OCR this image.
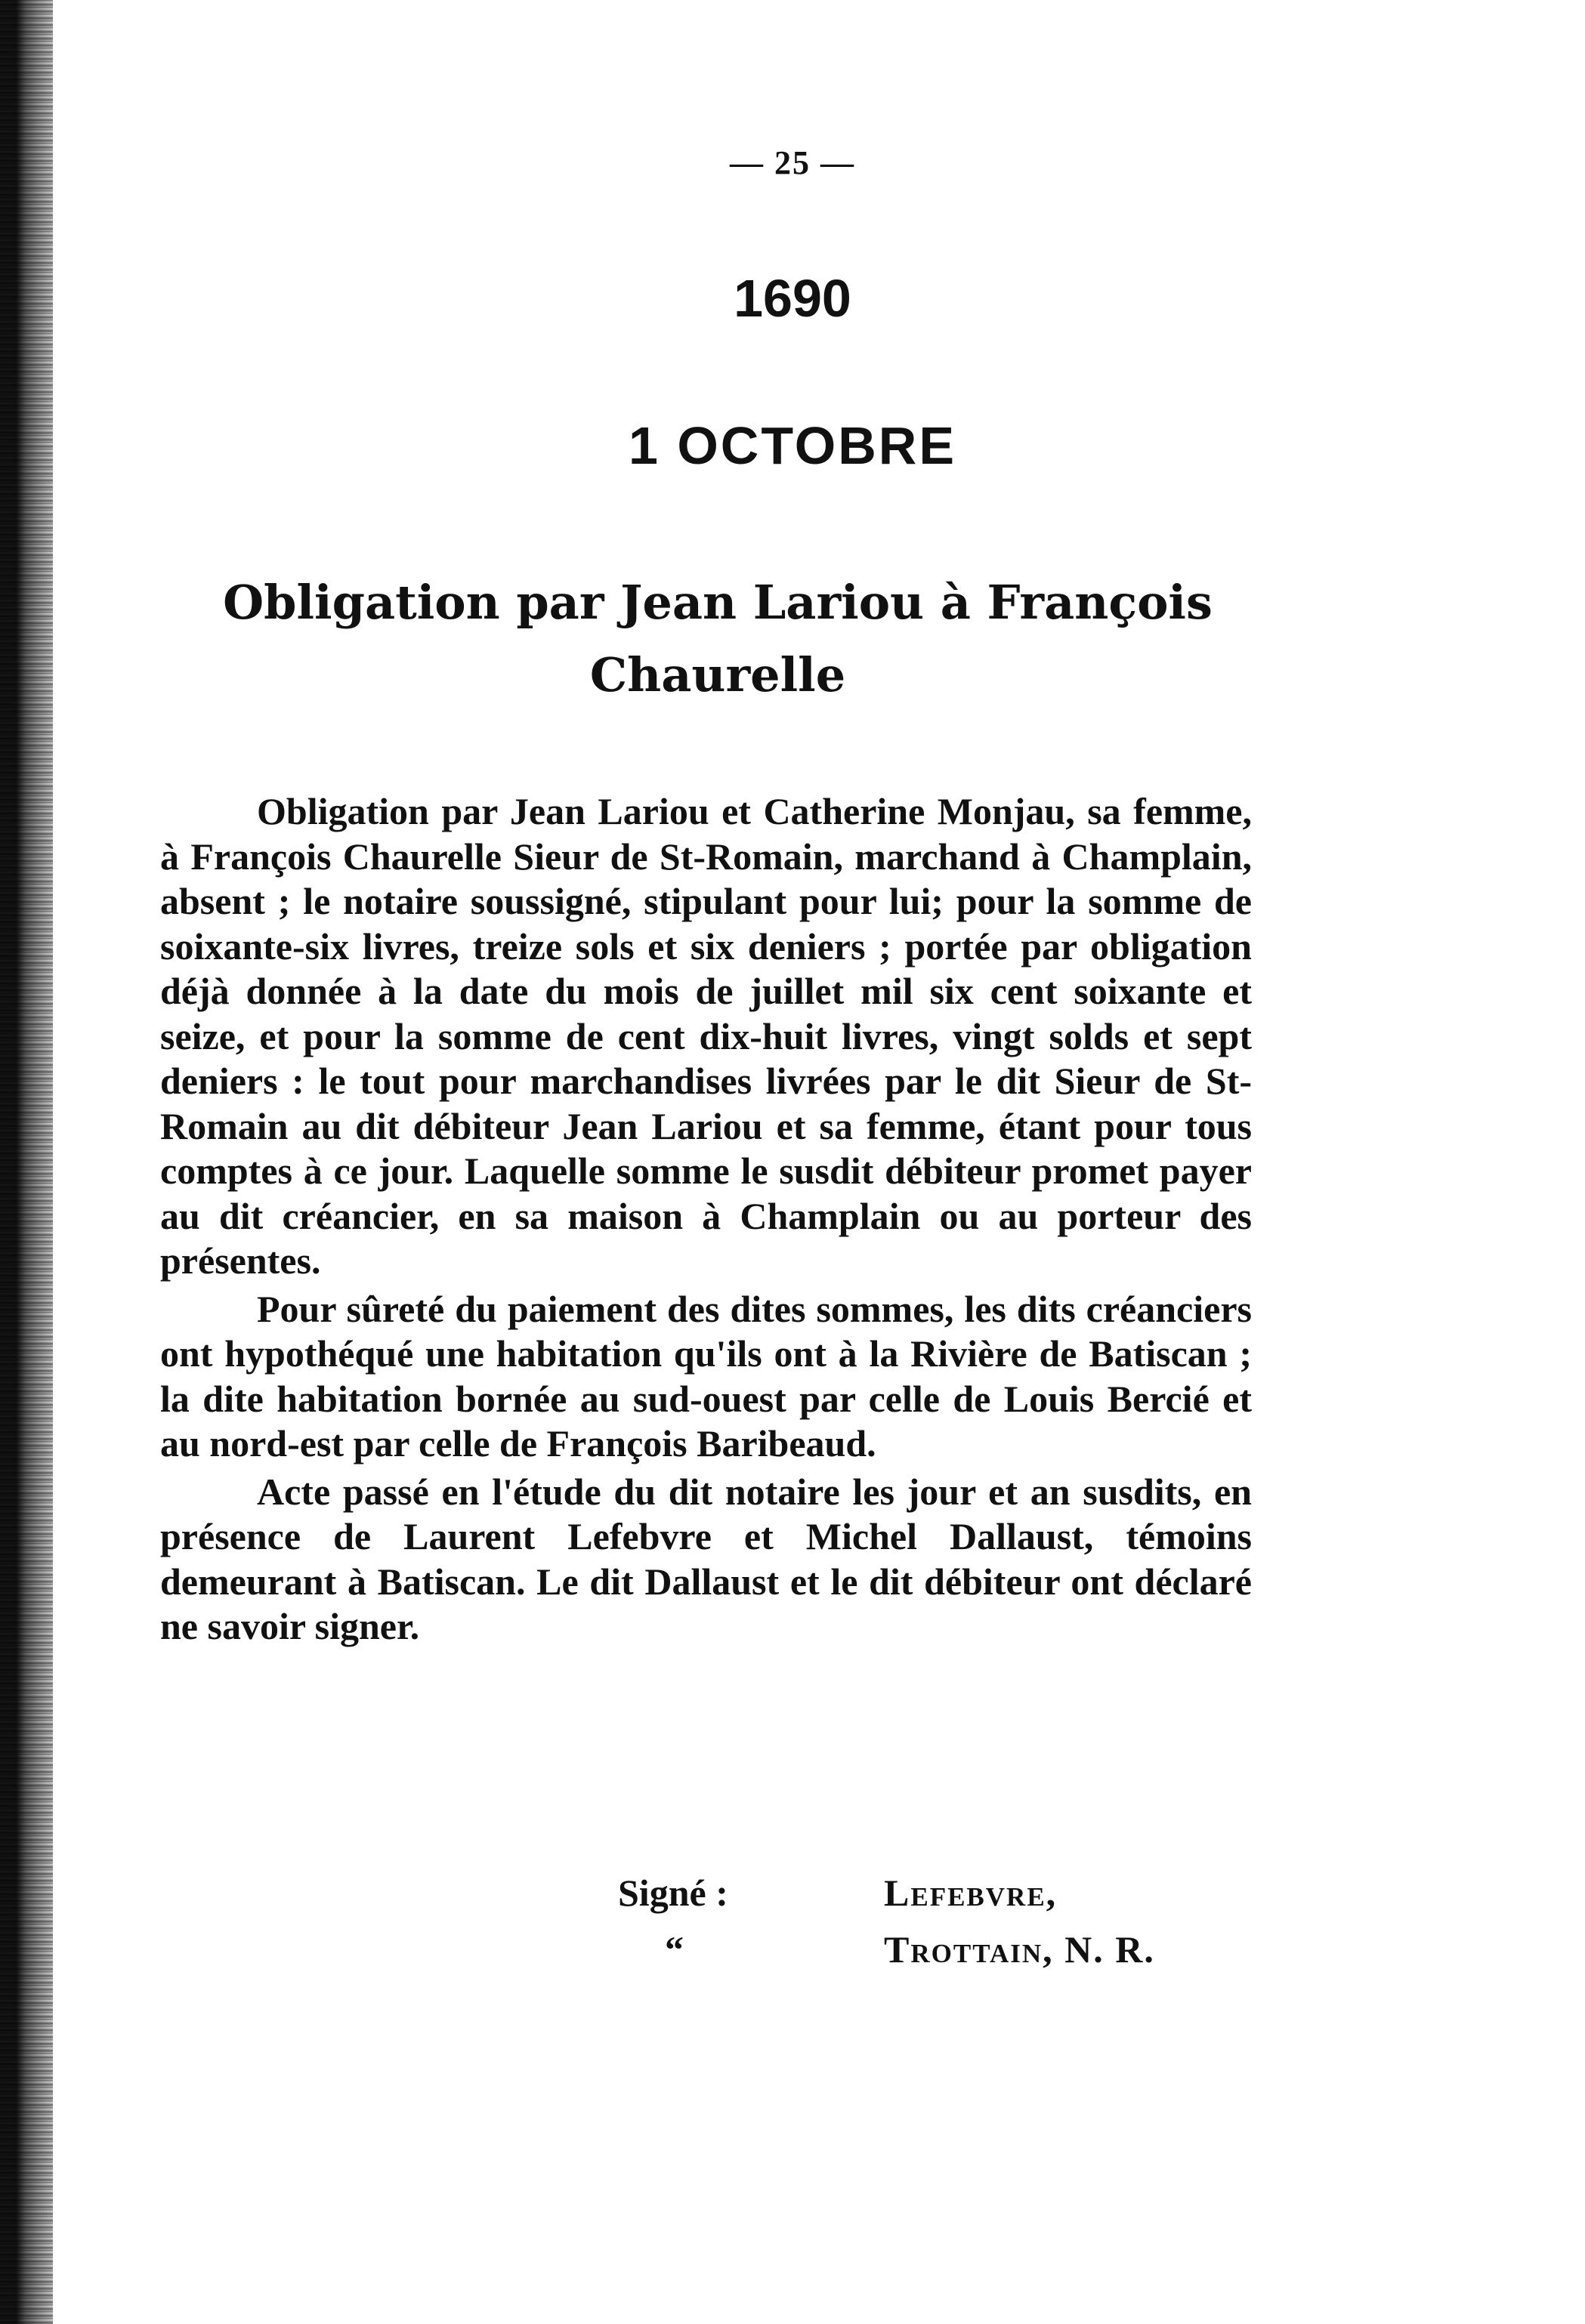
— 25 —
1690
1 OCTOBRE
Obligation par Jean Lariou à François Chaurelle

Obligation par Jean Lariou et Catherine Monjau, sa femme, à François Chaurelle Sieur de St-Romain, marchand à Champlain, absent ; le notaire soussigné, stipulant pour lui; pour la somme de soixante-six livres, treize sols et six deniers ; portée par obligation déjà donnée à la date du mois de juillet mil six cent soixante et seize, et pour la somme de cent dix-huit livres, vingt solds et sept deniers : le tout pour marchandises livrées par le dit Sieur de St-Romain au dit débiteur Jean Lariou et sa femme, étant pour tous comptes à ce jour. Laquelle somme le susdit débiteur promet payer au dit créancier, en sa maison à Champlain ou au porteur des présentes.

Pour sûreté du paiement des dites sommes, les dits créanciers ont hypothéqué une habitation qu'ils ont à la Rivière de Batiscan ; la dite habitation bornée au sud-ouest par celle de Louis Bercié et au nord-est par celle de François Baribeaud.

Acte passé en l'étude du dit notaire les jour et an susdits, en présence de Laurent Lefebvre et Michel Dallaust, témoins demeurant à Batiscan. Le dit Dallaust et le dit débiteur ont déclaré ne savoir signer.

Signé :
“
Lefebvre,
Trottain, N. R.
